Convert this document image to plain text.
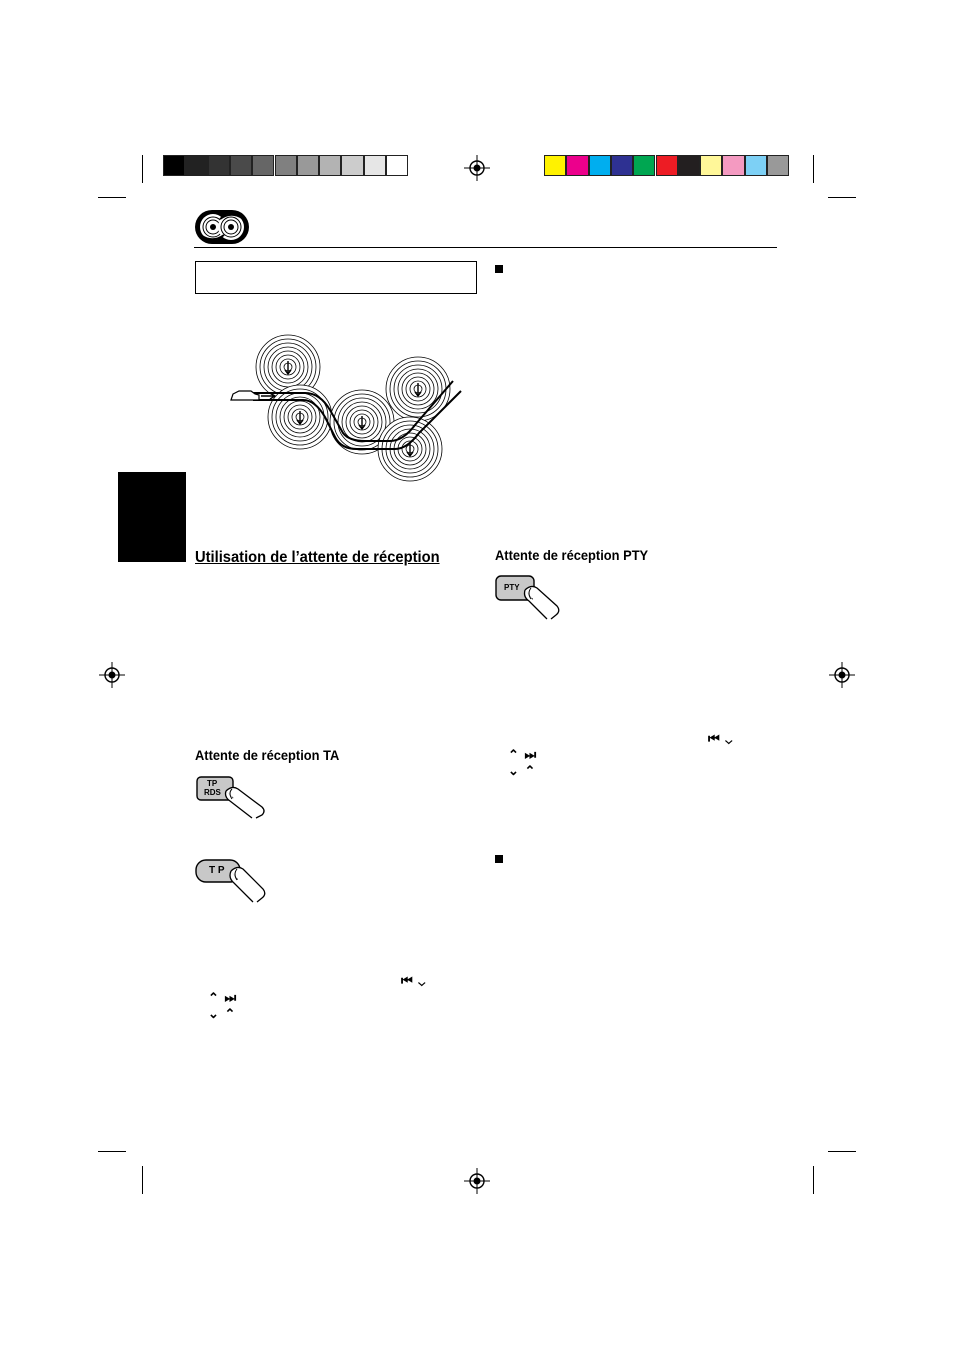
Utilisation de l’attente de réception
Attente de réception TA
Attente de réception PTY
TP
RDS
T P
PTY
⏮ ⌄
⌃ ⏭
⌄ ⌃
⏮ ⌄
⌃ ⏭
⌄ ⌃
